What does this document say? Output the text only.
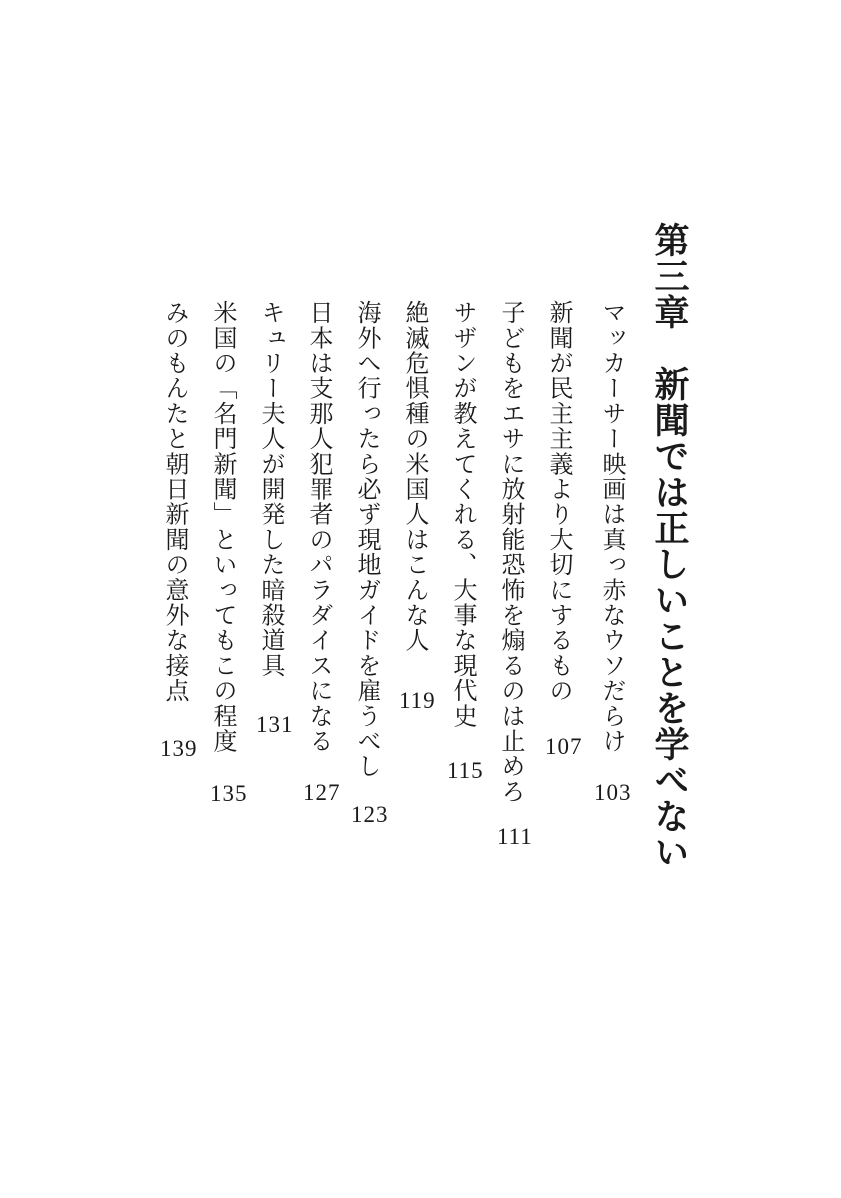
第三章新聞では正しいことを学べない
マッカーサー映画は真っ赤なウソだらけ
103
新聞が民主主義より大切にするもの
107
子どもをエサに放射能恐怖を煽るのは止めろ
111
サザンが教えてくれる、大事な現代史
115
絶滅危惧種の米国人はこんな人
119
海外へ行ったら必ず現地ガイドを雇うべし
123
日本は支那人犯罪者のパラダイスになる
127
キュリー夫人が開発した暗殺道具
131
米国の「名門新聞」といってもこの程度
135
みのもんたと朝日新聞の意外な接点
139
